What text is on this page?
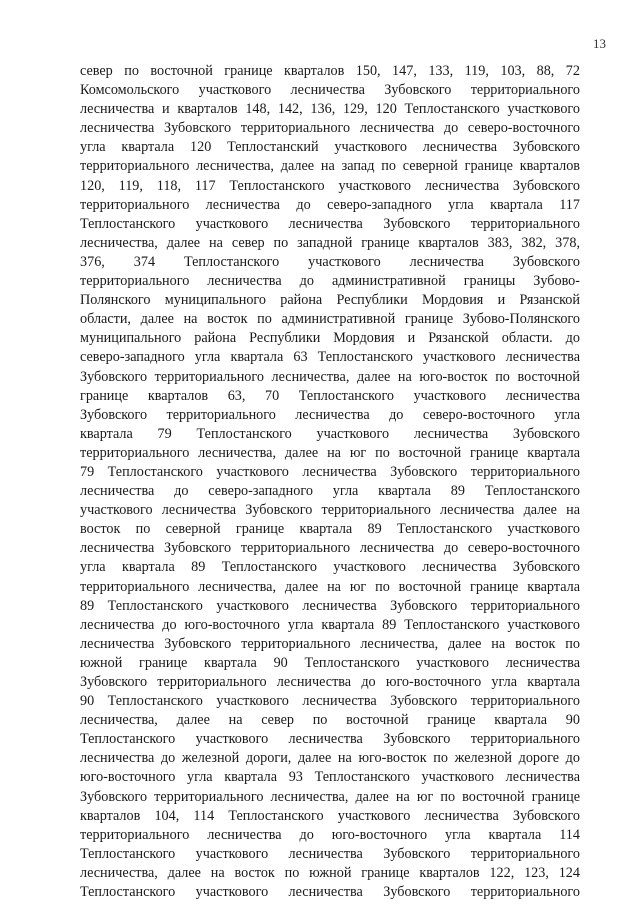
13
север по восточной границе кварталов 150, 147, 133, 119, 103, 88, 72
Комсомольского участкового лесничества Зубовского территориального
лесничества и кварталов 148, 142, 136, 129, 120 Теплостанского участкового
лесничества Зубовского территориального лесничества до северо-восточного
угла квартала 120 Теплостанский участкового лесничества Зубовского
территориального лесничества, далее на запад по северной границе кварталов
120, 119, 118, 117 Теплостанского участкового лесничества Зубовского
территориального лесничества до северо-западного угла квартала 117
Теплостанского участкового лесничества Зубовского территориального
лесничества, далее на север по западной границе кварталов 383, 382, 378,
376, 374 Теплостанского участкового лесничества Зубовского
территориального лесничества до административной границы Зубово-
Полянского муниципального района Республики Мордовия и Рязанской
области, далее на восток по административной границе Зубово-Полянского
муниципального района Республики Мордовия и Рязанской области. до
северо-западного угла квартала 63 Теплостанского участкового лесничества
Зубовского территориального лесничества, далее на юго-восток по восточной
границе кварталов 63, 70 Теплостанского участкового лесничества
Зубовского территориального лесничества до северо-восточного угла
квартала 79 Теплостанского участкового лесничества Зубовского
территориального лесничества, далее на юг по восточной границе квартала
79 Теплостанского участкового лесничества Зубовского территориального
лесничества до северо-западного угла квартала 89 Теплостанского
участкового лесничества Зубовского территориального лесничества далее на
восток по северной границе квартала 89 Теплостанского участкового
лесничества Зубовского территориального лесничества до северо-восточного
угла квартала 89 Теплостанского участкового лесничества Зубовского
территориального лесничества, далее на юг по восточной границе квартала
89 Теплостанского участкового лесничества Зубовского территориального
лесничества до юго-восточного угла квартала 89 Теплостанского участкового
лесничества Зубовского территориального лесничества, далее на восток по
южной границе квартала 90 Теплостанского участкового лесничества
Зубовского территориального лесничества до юго-восточного угла квартала
90 Теплостанского участкового лесничества Зубовского территориального
лесничества, далее на север по восточной границе квартала 90
Теплостанского участкового лесничества Зубовского территориального
лесничества до железной дороги, далее на юго-восток по железной дороге до
юго-восточного угла квартала 93 Теплостанского участкового лесничества
Зубовского территориального лесничества, далее на юг по восточной границе
кварталов 104, 114 Теплостанского участкового лесничества Зубовского
территориального лесничества до юго-восточного угла квартала 114
Теплостанского участкового лесничества Зубовского территориального
лесничества, далее на восток по южной границе кварталов 122, 123, 124
Теплостанского участкового лесничества Зубовского территориального
